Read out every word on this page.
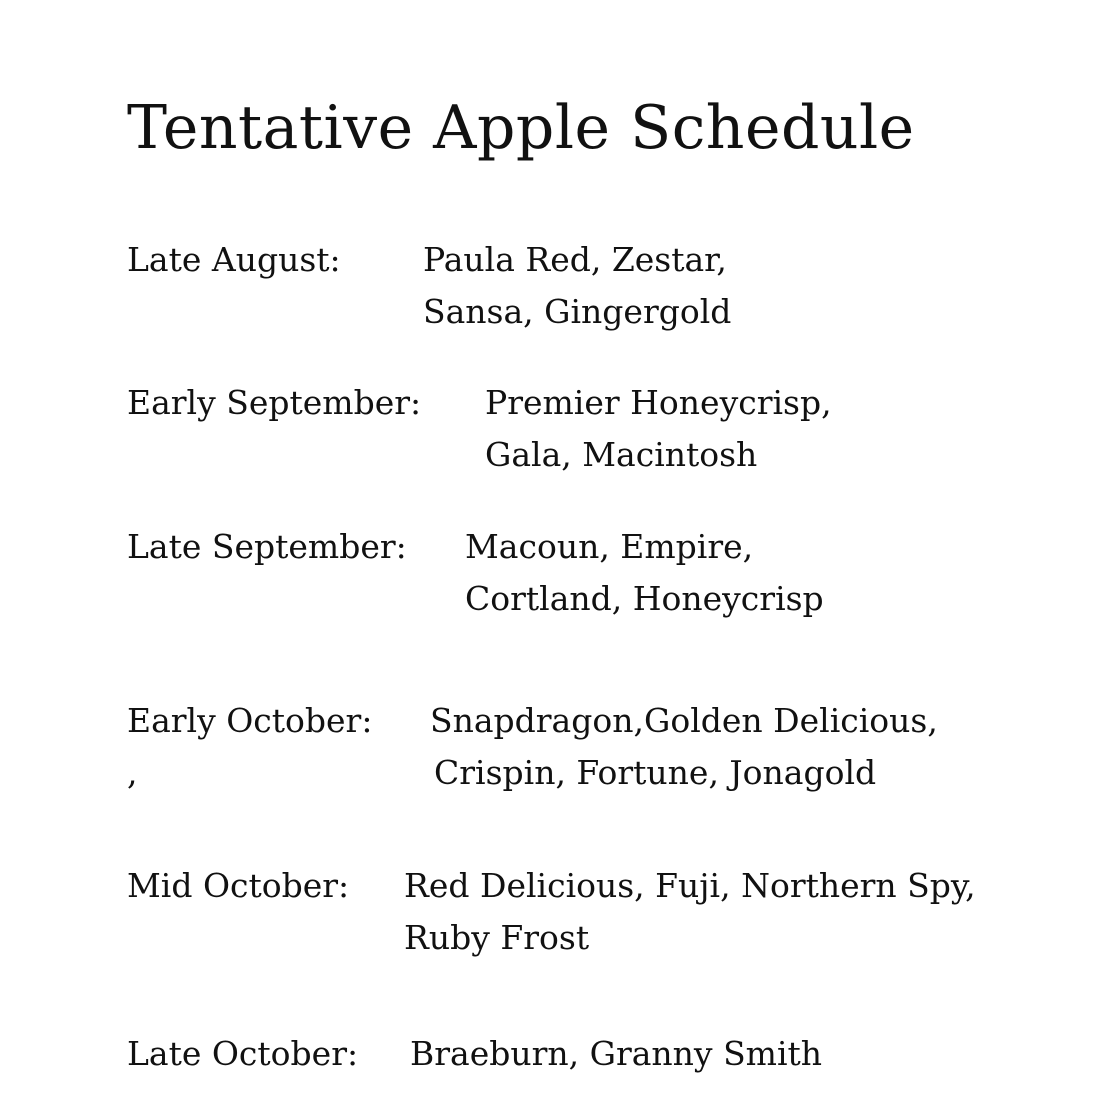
Tentative Apple Schedule
Late August: Paula Red, Zestar,
Sansa, Gingergold
Early September: Premier Honeycrisp,
Gala, Macintosh
Late September: Macoun, Empire,
Cortland, Honeycrisp
Early October:
,
Snapdragon,Golden Delicious,
Crispin, Fortune, Jonagold
Mid October: Red Delicious, Fuji, Northern Spy,
Ruby Frost
Late October: Braeburn, Granny Smith
